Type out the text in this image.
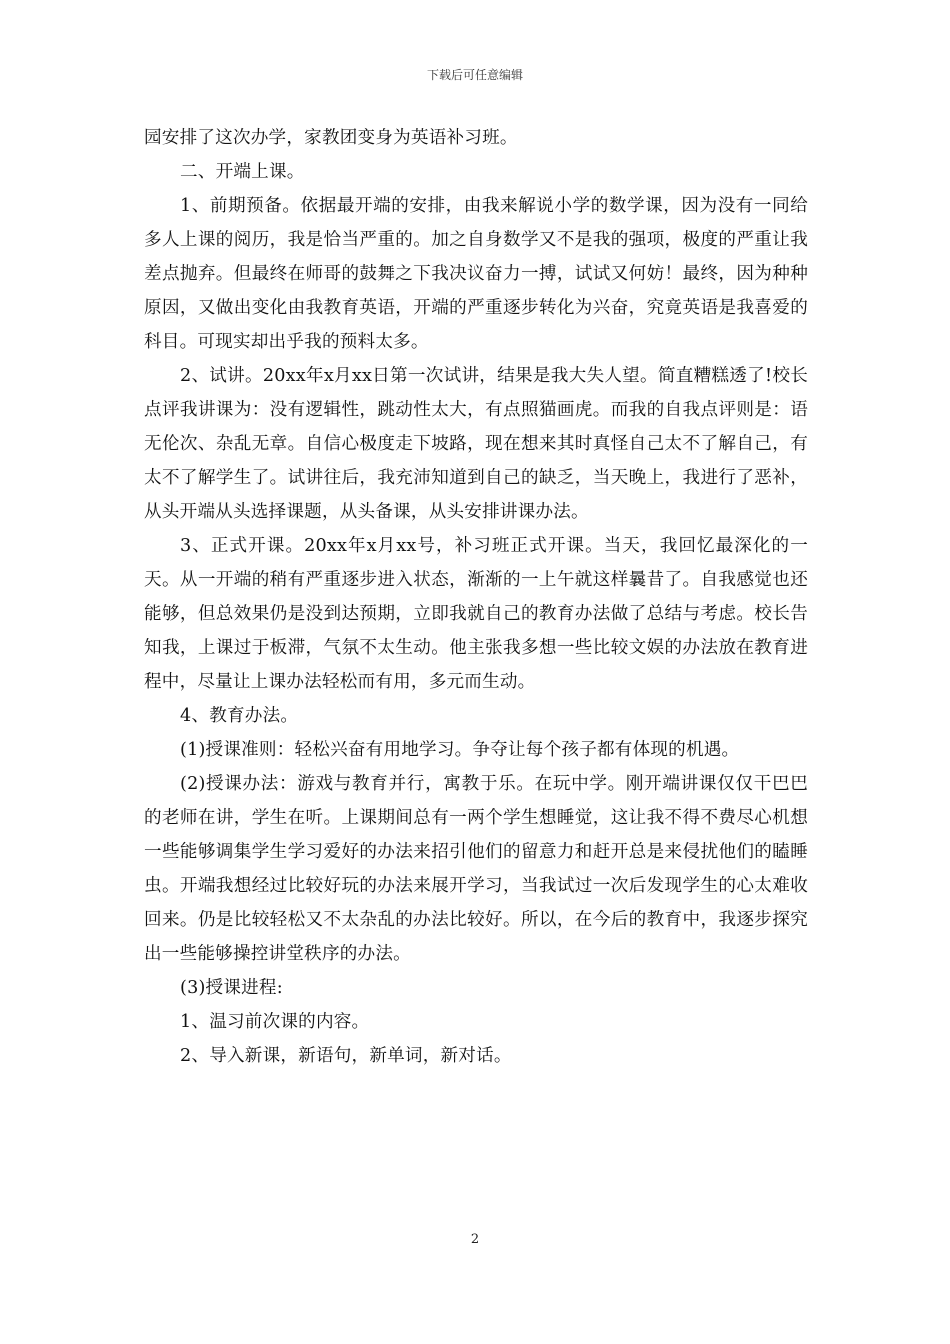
下载后可任意编辑

园安排了这次办学，家教团变身为英语补习班。

二、开端上课。

1、前期预备。依据最开端的安排，由我来解说小学的数学课，因为没有一同给多人上课的阅历，我是恰当严重的。加之自身数学又不是我的强项，极度的严重让我差点抛弃。但最终在师哥的鼓舞之下我决议奋力一搏，试试又何妨！最终，因为种种原因，又做出变化由我教育英语，开端的严重逐步转化为兴奋，究竟英语是我喜爱的科目。可现实却出乎我的预料太多。

2、试讲。20xx年x月xx日第一次试讲，结果是我大失人望。简直糟糕透了!校长点评我讲课为：没有逻辑性，跳动性太大，有点照猫画虎。而我的自我点评则是：语无伦次、杂乱无章。自信心极度走下坡路，现在想来其时真怪自己太不了解自己，有太不了解学生了。试讲往后，我充沛知道到自己的缺乏，当天晚上，我进行了恶补，从头开端从头选择课题，从头备课，从头安排讲课办法。

3、正式开课。20xx年x月xx号，补习班正式开课。当天，我回忆最深化的一天。从一开端的稍有严重逐步进入状态，渐渐的一上午就这样曩昔了。自我感觉也还能够，但总效果仍是没到达预期，立即我就自己的教育办法做了总结与考虑。校长告知我，上课过于板滞，气氛不太生动。他主张我多想一些比较文娱的办法放在教育进程中，尽量让上课办法轻松而有用，多元而生动。

4、教育办法。

(1)授课准则：轻松兴奋有用地学习。争夺让每个孩子都有体现的机遇。

(2)授课办法：游戏与教育并行，寓教于乐。在玩中学。刚开端讲课仅仅干巴巴的老师在讲，学生在听。上课期间总有一两个学生想睡觉，这让我不得不费尽心机想一些能够调集学生学习爱好的办法来招引他们的留意力和赶开总是来侵扰他们的瞌睡虫。开端我想经过比较好玩的办法来展开学习，当我试过一次后发现学生的心太难收回来。仍是比较轻松又不太杂乱的办法比较好。所以，在今后的教育中，我逐步探究出一些能够操控讲堂秩序的办法。

(3)授课进程:

1、温习前次课的内容。

2、导入新课，新语句，新单词，新对话。

2
